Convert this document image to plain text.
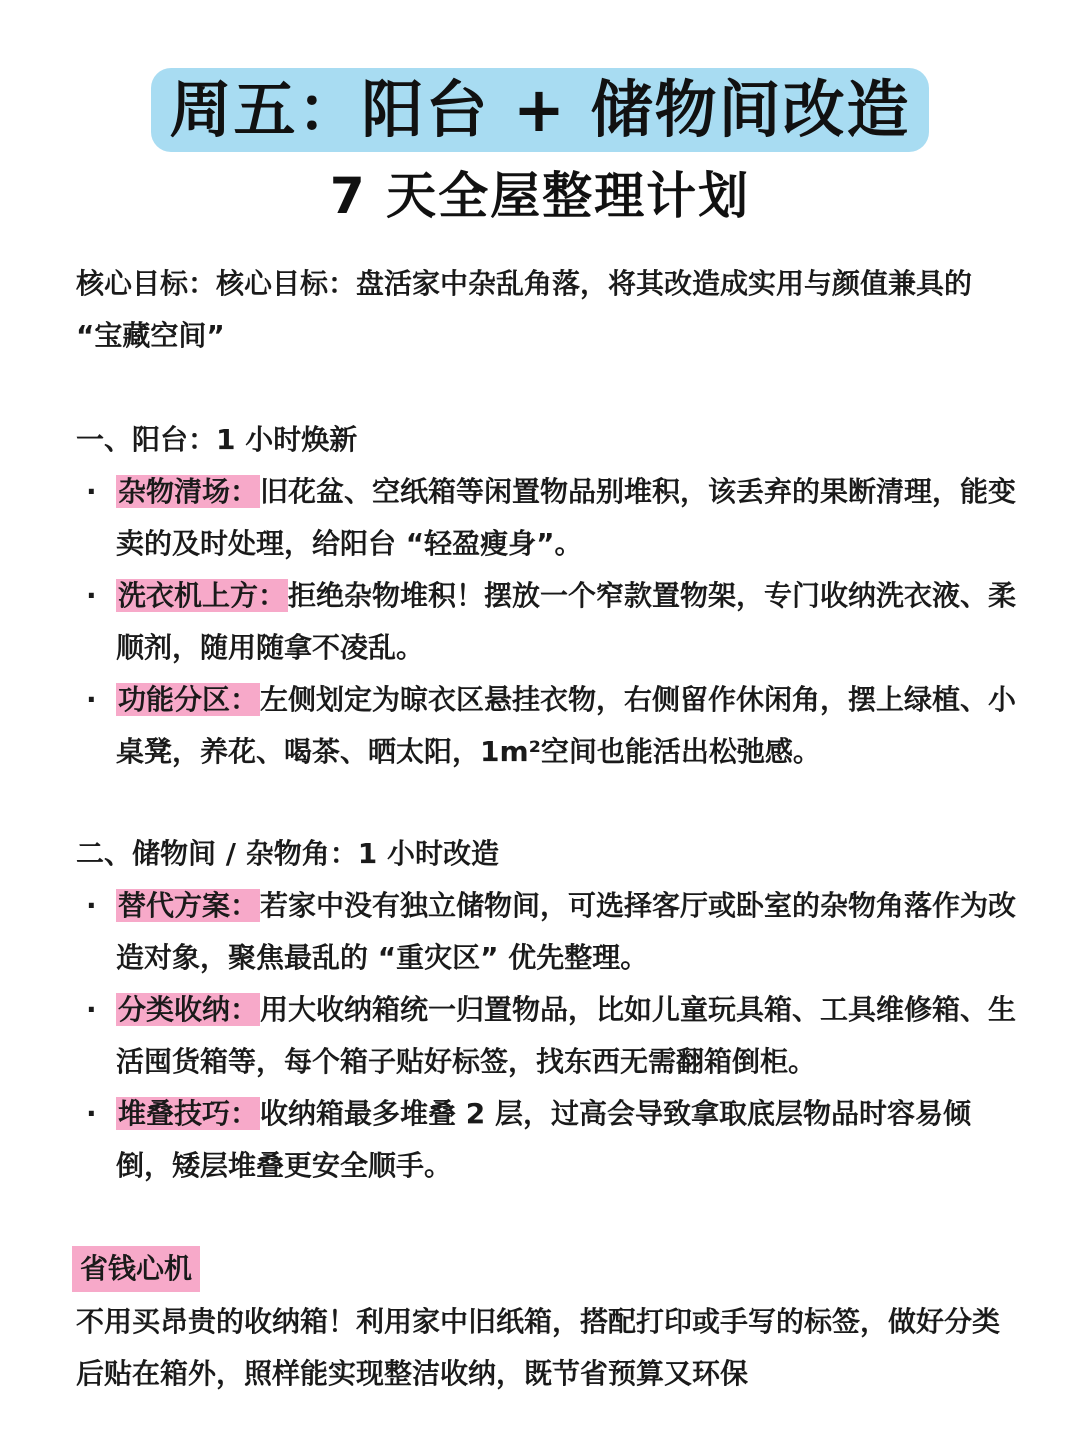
周五：阳台 + 储物间改造
7 天全屋整理计划
核心目标：核心目标：盘活家中杂乱角落，将其改造成实用与颜值兼具的 “宝藏空间”
一、阳台：1 小时焕新
· 杂物清场：旧花盆、空纸箱等闲置物品别堆积，该丢弃的果断清理，能变卖的及时处理，给阳台 “轻盈瘦身”。
· 洗衣机上方：拒绝杂物堆积！摆放一个窄款置物架，专门收纳洗衣液、柔顺剂，随用随拿不凌乱。
· 功能分区：左侧划定为晾衣区悬挂衣物，右侧留作休闲角，摆上绿植、小桌凳，养花、喝茶、晒太阳，1m²空间也能活出松弛感。
二、储物间 / 杂物角：1 小时改造
· 替代方案：若家中没有独立储物间，可选择客厅或卧室的杂物角落作为改造对象，聚焦最乱的 “重灾区” 优先整理。
· 分类收纳：用大收纳箱统一归置物品，比如儿童玩具箱、工具维修箱、生活囤货箱等，每个箱子贴好标签，找东西无需翻箱倒柜。
· 堆叠技巧：收纳箱最多堆叠 2 层，过高会导致拿取底层物品时容易倾倒，矮层堆叠更安全顺手。
省钱心机
不用买昂贵的收纳箱！利用家中旧纸箱，搭配打印或手写的标签，做好分类后贴在箱外，照样能实现整洁收纳，既节省预算又环保
